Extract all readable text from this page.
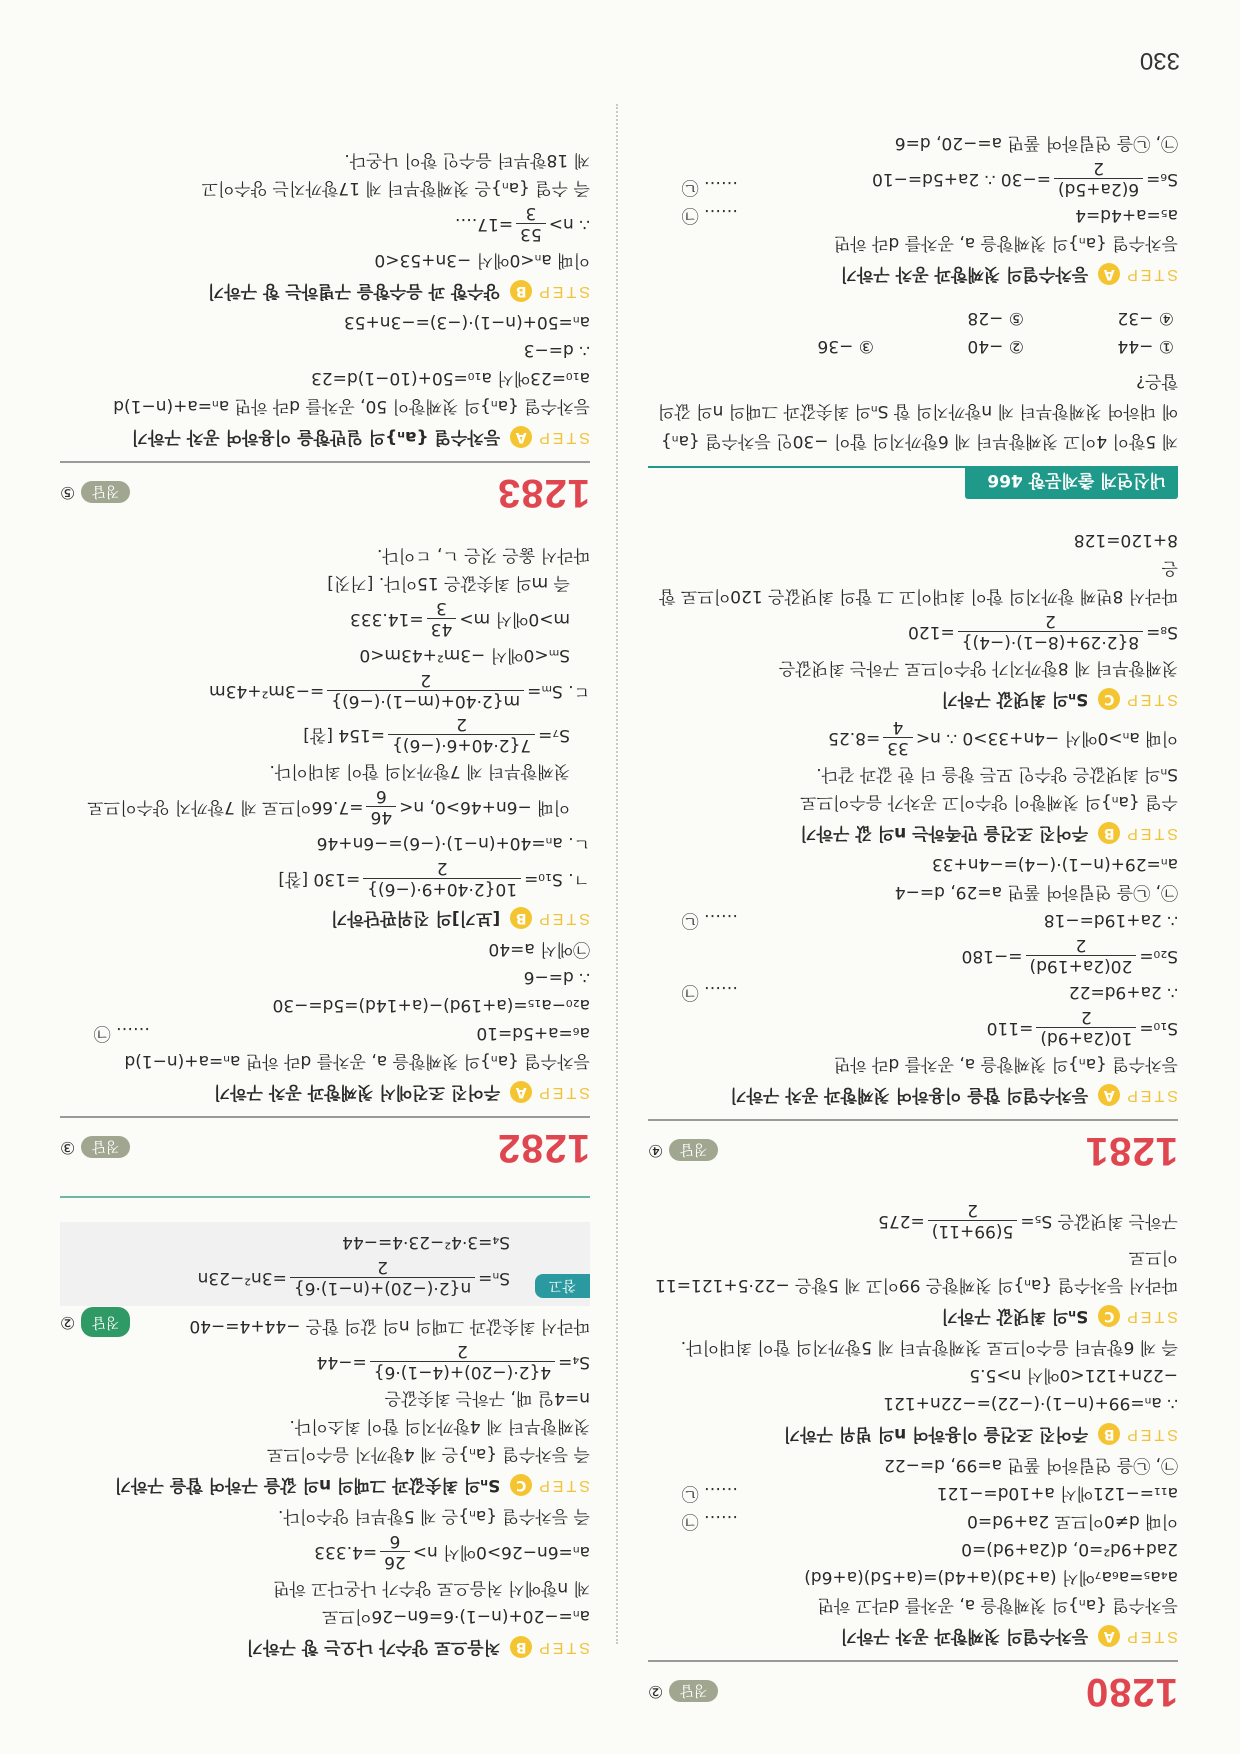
1280
정답
②
STEP
A
등차수열의 첫째항과 공차 구하기
등차수열 {aₙ}의 첫째항을 a, 공차를 d라고 하면
a₄a₅=a₆a₇에서 (a+3d)(a+4d)=(a+5d)(a+6d)
2ad+9d²=0, d(2a+9d)=0
이때 d≠0이므로 2a+9d=0
…… ㉠
a₁₁=−121에서 a+10d=−121
…… ㉡
㉠, ㉡을 연립하여 풀면 a=99, d=−22
STEP
B
주어진 조건을 이용하여 n의 범위 구하기
∴ aₙ=99+(n−1)·(−22)=−22n+121
−22n+121<0에서 n>5.5
즉 제 6항부터 음수이므로 첫째항부터 제 5항까지의 합이 최대이다.
STEP
C
Sₙ의 최댓값 구하기
따라서 등차수열 {aₙ}의 첫째항은 99이고 제 5항은 −22·5+121=11이므로
구하는 최댓값은 S₅=
5(99+11)
2
=275
1281
정답
④
STEP
A
등차수열의 합을 이용하여 첫째항과 공차 구하기
등차수열 {aₙ}의 첫째항을 a, 공차를 d라 하면
S₁₀=
10(2a+9d)
2
=110
∴ 2a+9d=22
…… ㉠
S₂₀=
20(2a+19d)
2
=−180
∴ 2a+19d=−18
…… ㉡
㉠, ㉡을 연립하여 풀면 a=29, d=−4
aₙ=29+(n−1)·(−4)=−4n+33
STEP
B
주어진 조건을 만족하는 n의 값 구하기
수열 {aₙ}의 첫째항이 양수이고 공차가 음수이므로
Sₙ의 최댓값은 양수인 모든 항을 더 한 값과 같다.
이때 aₙ>0에서 −4n+33>0 ∴ n<
33
4
=8.25
STEP
C
Sₙ의 최댓값 구하기
첫째항부터 제 8항까지가 양수이므로 구하는 최댓값은
S₈=
8{2·29+(8−1)·(−4)}
2
=120
따라서 8번째 항까지의 합이 최대이고 그 합의 최댓값은 120이므로 합은
8+120=128
내신연계 출제문항 466
제 5항이 4이고 첫째항부터 제 6항까지의 합이 −30인 등차수열 {aₙ}에 대하여 첫째항부터 제 n항까지의 합 Sₙ의 최솟값과 그때의 n의 값의 합은?
① −44
② −40
③ −36
④ −32
⑤ −28
STEP
A
등차수열의 첫째항과 공차 구하기
등차수열 {aₙ}의 첫째항을 a, 공차를 d라 하면
a₅=a+4d=4
…… ㉠
S₆=
6(2a+5d)
2
=−30 ∴ 2a+5d=−10
…… ㉡
㉠, ㉡을 연립하여 풀면 a=−20, d=6
330
STEP
B
처음으로 양수가 나오는 항 구하기
aₙ=−20+(n−1)·6=6n−26이므로
제 n항에서 처음으로 양수가 나온다고 하면
aₙ=6n−26>0에서 n>
26
6
=4.333
즉 등차수열 {aₙ}은 제 5항부터 양수이다.
STEP
C
Sₙ의 최솟값과 그때의 n의 값을 구하여 합을 구하기
즉 등차수열 {aₙ}은 제 4항까지 음수이므로
첫째항부터 제 4항까지의 합이 최소이다.
n=4일 때, 구하는 최솟값은
S₄=
4{2·(−20)+(4−1)·6}
2
=−44
따라서 최솟값과 그때의 n의 값의 합은 −44+4=−40
정답
②
참고
Sₙ=
n{2·(−20)+(n−1)·6}
2
=3n²−23n
S₄=3·4²−23·4=−44
1282
정답
③
STEP
A
주어진 조건에서 첫째항과 공차 구하기
등차수열 {aₙ}의 첫째항을 a, 공차를 d라 하면 aₙ=a+(n−1)d
a₆=a+5d=10
…… ㉠
a₂₀−a₁₅=(a+19d)−(a+14d)=5d=−30
∴ d=−6
㉠에서 a=40
STEP
B
[보기]의 진위판단하기
ㄱ. S₁₀=
10{2·40+9·(−6)}
2
=130 [참]
ㄴ. aₙ=40+(n−1)·(−6)=−6n+46
이때 −6n+46>0, n<
46
6
=7.66이므로 제 7항까지 양수이므로
첫째항부터 제 7항까지의 합이 최대이다.
S₇=
7{2·40+6·(−6)}
2
=154 [참]
ㄷ. Sₘ=
m{2·40+(m−1)·(−6)}
2
=−3m²+43m
Sₘ<0에서 −3m²+43m<0
m>0에서 m>
43
3
=14.333
즉 m의 최솟값은 15이다. [거짓]
따라서 옳은 것은 ㄴ, ㄷ이다.
1283
정답
⑤
STEP
A
등차수열 {aₙ}의 일반항을 이용하여 공차 구하기
등차수열 {aₙ}의 첫째항이 50, 공차를 d라 하면 aₙ=a+(n−1)d
a₁₀=23에서 a₁₀=50+(10−1)d=23
∴ d=−3
aₙ=50+(n−1)·(−3)=−3n+53
STEP
B
양수항 과 음수항을 구별하는 항 구하기
이때 aₙ<0에서 −3n+53<0
∴ n>
53
3
=17.…
즉 수열 {aₙ}은 첫째항부터 제 17항까지는 양수이고
제 18항부터 음수인 항이 나온다.
